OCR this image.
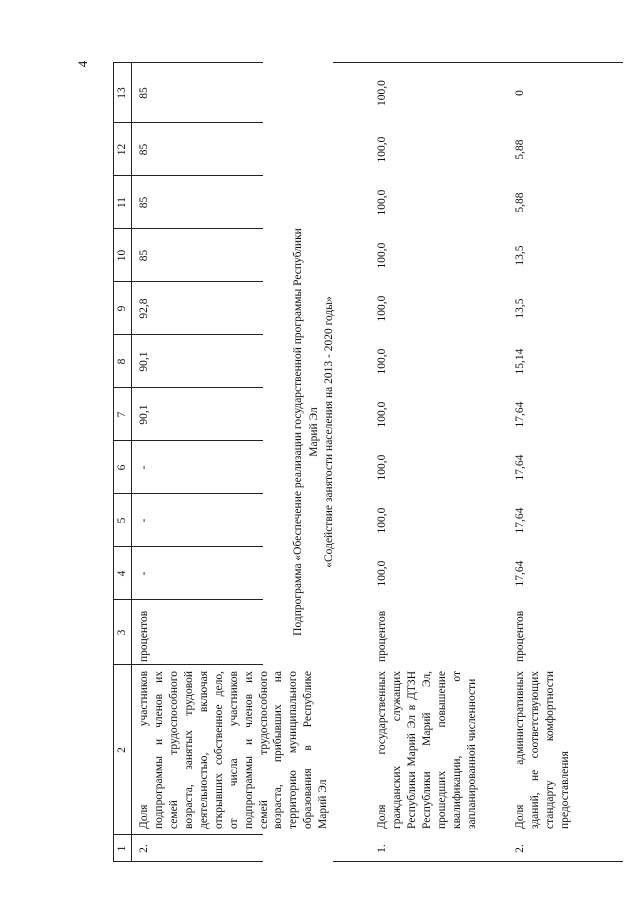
4
1
2
3
4
5
6
7
8
9
10
11
12
13
2.
Доля участников подпрограммы и членов их семей трудоспособного возраста, занятых трудовой деятельностью, включая открывших собственное дело, от числа участников подпрограммы и членов их семей трудоспособного возраста, прибывших на территорию муниципального образования в Республике Марий Эл
процентов
-
-
-
90,1
90,1
92,8
85
85
85
85
Подпрограмма «Обеспечение реализации государственной программы Республики Марий Эл «Содействие занятости населения на 2013 - 2020 годы»
1.
Доля государственных гражданских служащих Республики Марий Эл в ДТЗН Республики Марий Эл, прошедших повышение квалификации, от запланированной численности
процентов
100,0
100,0
100,0
100,0
100,0
100,0
100,0
100,0
100,0
100,0
2.
Доля административных зданий, не соответствующих стандарту комфортности предоставления
процентов
17,64
17,64
17,64
17,64
15,14
13,5
13,5
5,88
5,88
0
